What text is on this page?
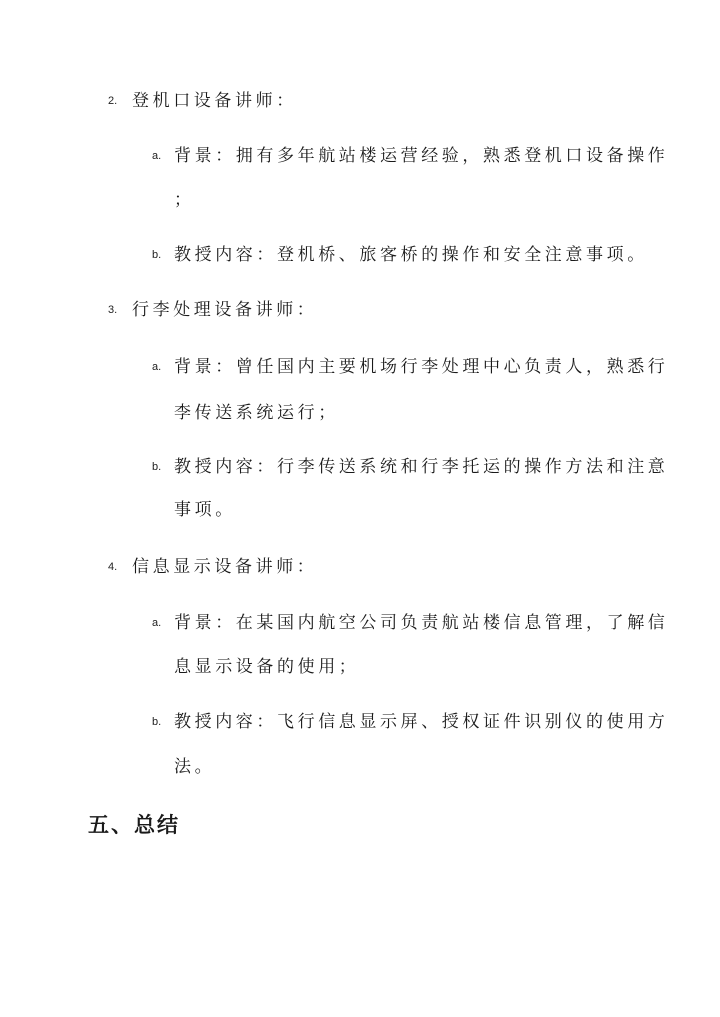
2. 登机口设备讲师：
a. 背景：拥有多年航站楼运营经验，熟悉登机口设备操作
；
b. 教授内容：登机桥、旅客桥的操作和安全注意事项。
3. 行李处理设备讲师：
a. 背景：曾任国内主要机场行李处理中心负责人，熟悉行
李传送系统运行；
b. 教授内容：行李传送系统和行李托运的操作方法和注意
事项。
4. 信息显示设备讲师：
a. 背景：在某国内航空公司负责航站楼信息管理，了解信
息显示设备的使用；
b. 教授内容：飞行信息显示屏、授权证件识别仪的使用方
法。
五、总结
